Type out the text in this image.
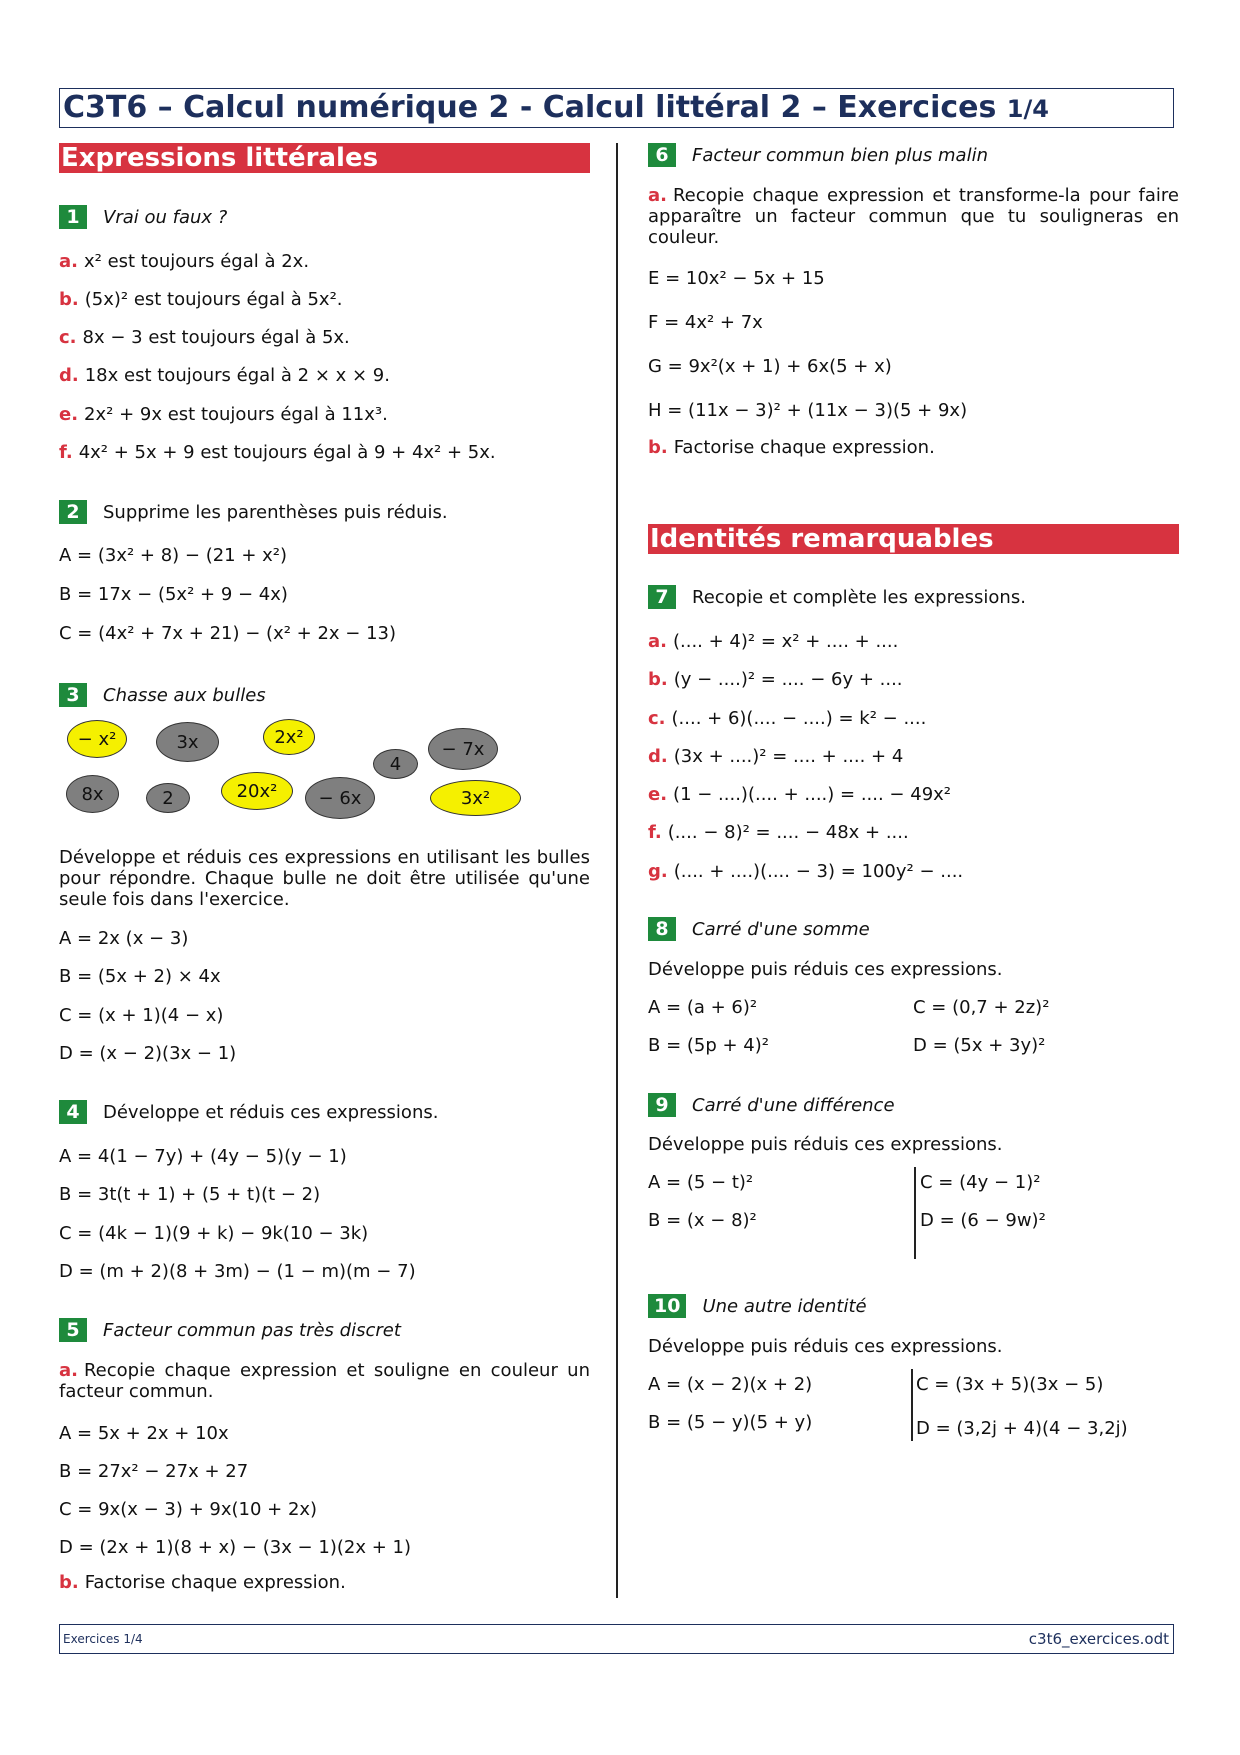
C3T6 – Calcul numérique 2 - Calcul littéral 2 – Exercices 1/4
Expressions littérales
1	Vrai ou faux ?
a. x² est toujours égal à 2x.
b. (5x)² est toujours égal à 5x².
c. 8x − 3 est toujours égal à 5x.
d. 18x est toujours égal à 2 × x × 9.
e. 2x² + 9x est toujours égal à 11x³.
f. 4x² + 5x + 9 est toujours égal à 9 + 4x² + 5x.
2	Supprime les parenthèses puis réduis.
A = (3x² + 8) − (21 + x²)
B = 17x − (5x² + 9 − 4x)
C = (4x² + 7x + 21) − (x² + 2x − 13)
3	Chasse aux bulles
− x²	3x	2x²
4
− 7x
8x	2	20x²	− 6x	3x²
Développe et réduis ces expressions en utilisant les bulles pour répondre. Chaque bulle ne doit être utilisée qu'une seule fois dans l'exercice.
A = 2x (x − 3)
B = (5x + 2) × 4x
C = (x + 1)(4 − x)
D = (x − 2)(3x − 1)
4	Développe et réduis ces expressions.
A = 4(1 − 7y) + (4y − 5)(y − 1)
B = 3t(t + 1) + (5 + t)(t − 2)
C = (4k − 1)(9 + k) − 9k(10 − 3k)
D = (m + 2)(8 + 3m) − (1 − m)(m − 7)
5	Facteur commun pas très discret
a. Recopie chaque expression et souligne en couleur un facteur commun.
A = 5x + 2x + 10x
B = 27x² − 27x + 27
C = 9x(x − 3) + 9x(10 + 2x)
D = (2x + 1)(8 + x) − (3x − 1)(2x + 1)
b. Factorise chaque expression.
6	Facteur commun bien plus malin
a. Recopie chaque expression et transforme-la pour faire apparaître un facteur commun que tu souligneras en couleur.
E = 10x² − 5x + 15
F = 4x² + 7x
G = 9x²(x + 1) + 6x(5 + x)
H = (11x − 3)² + (11x − 3)(5 + 9x)
b. Factorise chaque expression.
Identités remarquables
7	Recopie et complète les expressions.
a. (.... + 4)² = x² + .... + ....
b. (y − ....)² = .... − 6y + ....
c. (.... + 6)(.... − ....) = k² − ....
d. (3x + ....)² = .... + .... + 4
e. (1 − ....)(.... + ....) = .... − 49x²
f. (.... − 8)² = .... − 48x + ....
g. (.... + ....)(.... − 3) = 100y² − ....
8	Carré d'une somme
Développe puis réduis ces expressions.
A = (a + 6)²
B = (5p + 4)²
C = (0,7 + 2z)²
D = (5x + 3y)²
9	Carré d'une différence
Développe puis réduis ces expressions.
A = (5 − t)²
B = (x − 8)²
C = (4y − 1)²
D = (6 − 9w)²
10	Une autre identité
Développe puis réduis ces expressions.
A = (x − 2)(x + 2)
B = (5 − y)(5 + y)
C = (3x + 5)(3x − 5)
D = (3,2j + 4)(4 − 3,2j)
Exercices 1/4	c3t6_exercices.odt
